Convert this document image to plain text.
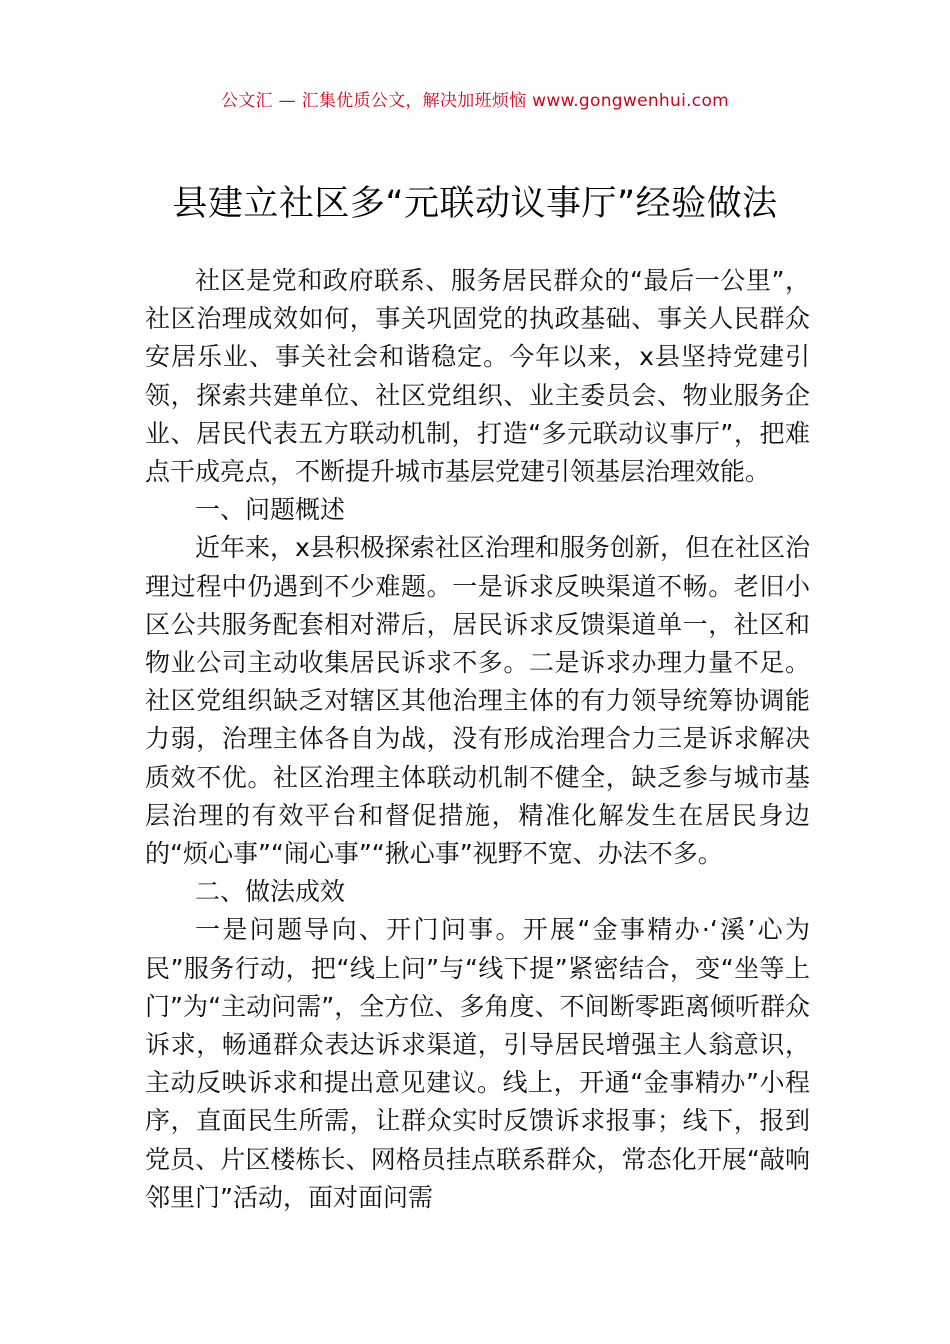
公文汇 — 汇集优质公文，解决加班烦恼 www.gongwenhui.com
县建立社区多“元联动议事厅”经验做法

社区是党和政府联系、服务居民群众的“最后一公里”，社区治理成效如何，事关巩固党的执政基础、事关人民群众安居乐业、事关社会和谐稳定。今年以来，x县坚持党建引领，探索共建单位、社区党组织、业主委员会、物业服务企业、居民代表五方联动机制，打造“多元联动议事厅”，把难点干成亮点，不断提升城市基层党建引领基层治理效能。

一、问题概述

近年来，x县积极探索社区治理和服务创新，但在社区治理过程中仍遇到不少难题。一是诉求反映渠道不畅。老旧小区公共服务配套相对滞后，居民诉求反馈渠道单一，社区和物业公司主动收集居民诉求不多。二是诉求办理力量不足。社区党组织缺乏对辖区其他治理主体的有力领导统筹协调能力弱，治理主体各自为战，没有形成治理合力三是诉求解决质效不优。社区治理主体联动机制不健全，缺乏参与城市基层治理的有效平台和督促措施，精准化解发生在居民身边的“烦心事”“闹心事”“揪心事”视野不宽、办法不多。

二、做法成效

一是问题导向、开门问事。开展“金事精办·‘溪’心为民”服务行动，把“线上问”与“线下提”紧密结合，变“坐等上门”为“主动问需”，全方位、多角度、不间断零距离倾听群众诉求，畅通群众表达诉求渠道，引导居民增强主人翁意识，主动反映诉求和提出意见建议。线上，开通“金事精办”小程序，直面民生所需，让群众实时反馈诉求报事；线下，报到党员、片区楼栋长、网格员挂点联系群众，常态化开展“敲响邻里门”活动，面对面问需
